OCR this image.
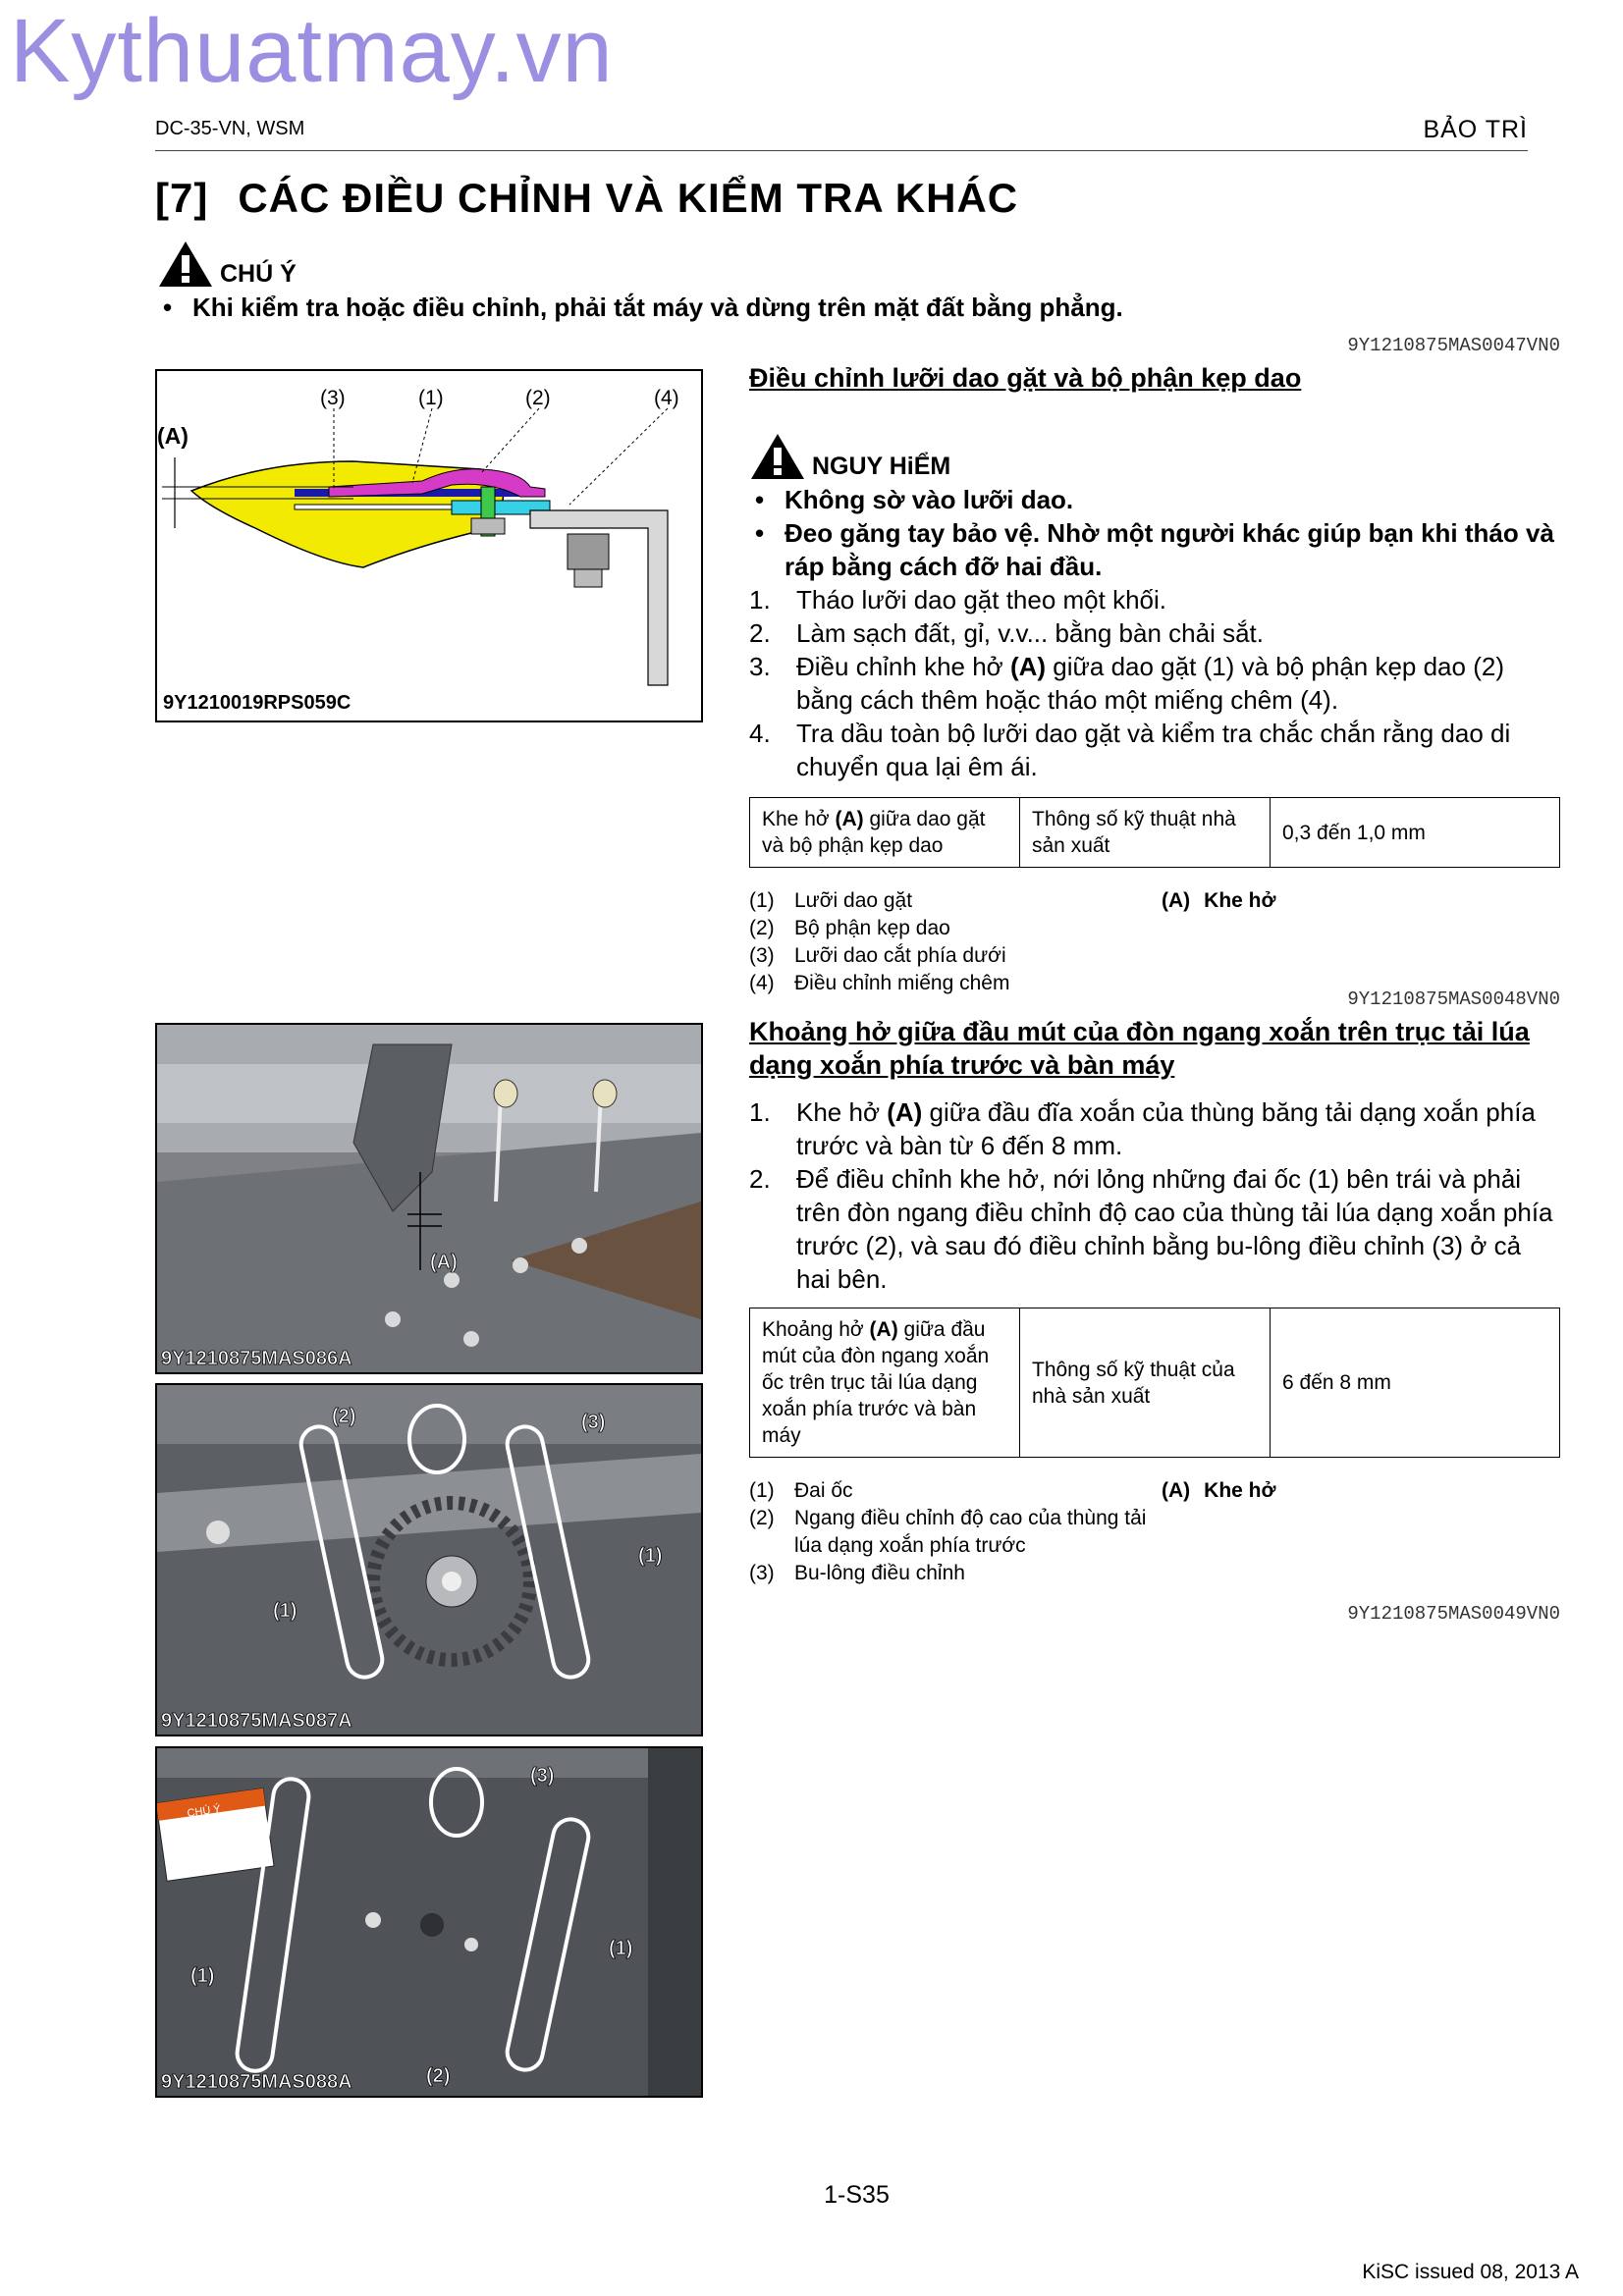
Kythuatmay.vn
DC-35-VN, WSM	BẢO TRÌ
[7] CÁC ĐIỀU CHỈNH VÀ KIỂM TRA KHÁC
CHÚ Ý
• Khi kiểm tra hoặc điều chỉnh, phải tắt máy và dừng trên mặt đất bằng phẳng.
9Y1210875MAS0047VN0
(3)	(1)	(2)	(4)
(A)
9Y1210019RPS059C
Điều chỉnh lưỡi dao gặt và bộ phận kẹp dao
NGUY HiỂM
• Không sờ vào lưỡi dao.
• Đeo găng tay bảo vệ. Nhờ một người khác giúp bạn khi tháo và ráp bằng cách đỡ hai đầu.
1. Tháo lưỡi dao gặt theo một khối.
2. Làm sạch đất, gỉ, v.v... bằng bàn chải sắt.
3. Điều chỉnh khe hở (A) giữa dao gặt (1) và bộ phận kẹp dao (2) bằng cách thêm hoặc tháo một miếng chêm (4).
4. Tra dầu toàn bộ lưỡi dao gặt và kiểm tra chắc chắn rằng dao di chuyển qua lại êm ái.
Khe hở (A) giữa dao gặt và bộ phận kẹp dao	Thông số kỹ thuật nhà sản xuất	0,3 đến 1,0 mm
(1) Lưỡi dao gặt
(2) Bộ phận kẹp dao
(3) Lưỡi dao cắt phía dưới
(4) Điều chỉnh miếng chêm
(A) Khe hở
9Y1210875MAS0048VN0
Khoảng hở giữa đầu mút của đòn ngang xoắn trên trục tải lúa dạng xoắn phía trước và bàn máy
1. Khe hở (A) giữa đầu đĩa xoắn của thùng băng tải dạng xoắn phía trước và bàn từ 6 đến 8 mm.
2. Để điều chỉnh khe hở, nới lỏng những đai ốc (1) bên trái và phải trên đòn ngang điều chỉnh độ cao của thùng tải lúa dạng xoắn phía trước (2), và sau đó điều chỉnh bằng bu-lông điều chỉnh (3) ở cả hai bên.
Khoảng hở (A) giữa đầu mút của đòn ngang xoắn ốc trên trục tải lúa dạng xoắn phía trước và bàn máy	Thông số kỹ thuật của nhà sản xuất	6 đến 8 mm
(1) Đai ốc
(2) Ngang điều chỉnh độ cao của thùng tải lúa dạng xoắn phía trước
(3) Bu-lông điều chỉnh
(A) Khe hở
9Y1210875MAS0049VN0
(A)
9Y1210875MAS086A
(2)	(3)
(1)
(1)
9Y1210875MAS087A
CHÚ Ý
(3)
(1)
(1)
(2)
9Y1210875MAS088A
1-S35
KiSC issued 08, 2013 A
